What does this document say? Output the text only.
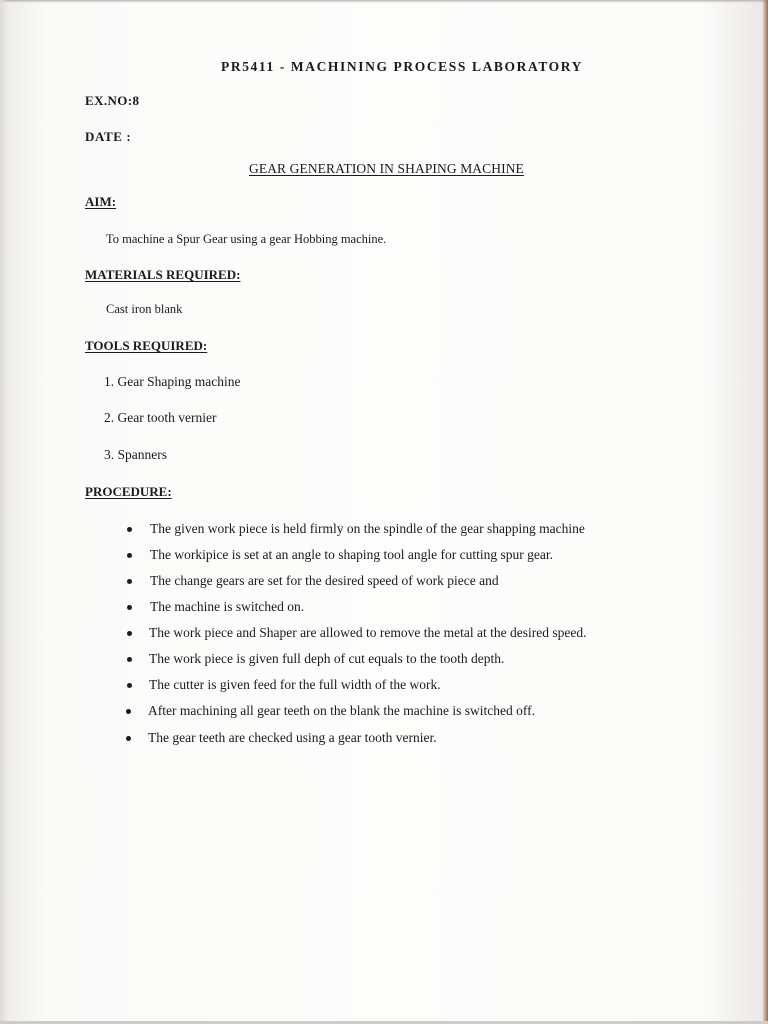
PR5411 - MACHINING PROCESS LABORATORY
EX.NO:8
DATE :
GEAR GENERATION IN SHAPING MACHINE
AIM:
To machine a Spur Gear using a gear Hobbing machine.
MATERIALS REQUIRED:
Cast iron blank
TOOLS REQUIRED:
1. Gear Shaping machine
2. Gear tooth vernier
3. Spanners
PROCEDURE:
The given work piece is held firmly on the spindle of the gear shapping machine
The workipice is set at an angle to shaping tool angle for cutting spur gear.
The change gears are set for the desired speed of work piece and
The machine is switched on.
The work piece and Shaper are allowed to remove the metal at the desired speed.
The work piece is given full deph of cut equals to the tooth depth.
The cutter is given feed for the full width of the work.
After machining all gear teeth on the blank the machine is switched off.
The gear teeth are checked using a gear tooth vernier.
